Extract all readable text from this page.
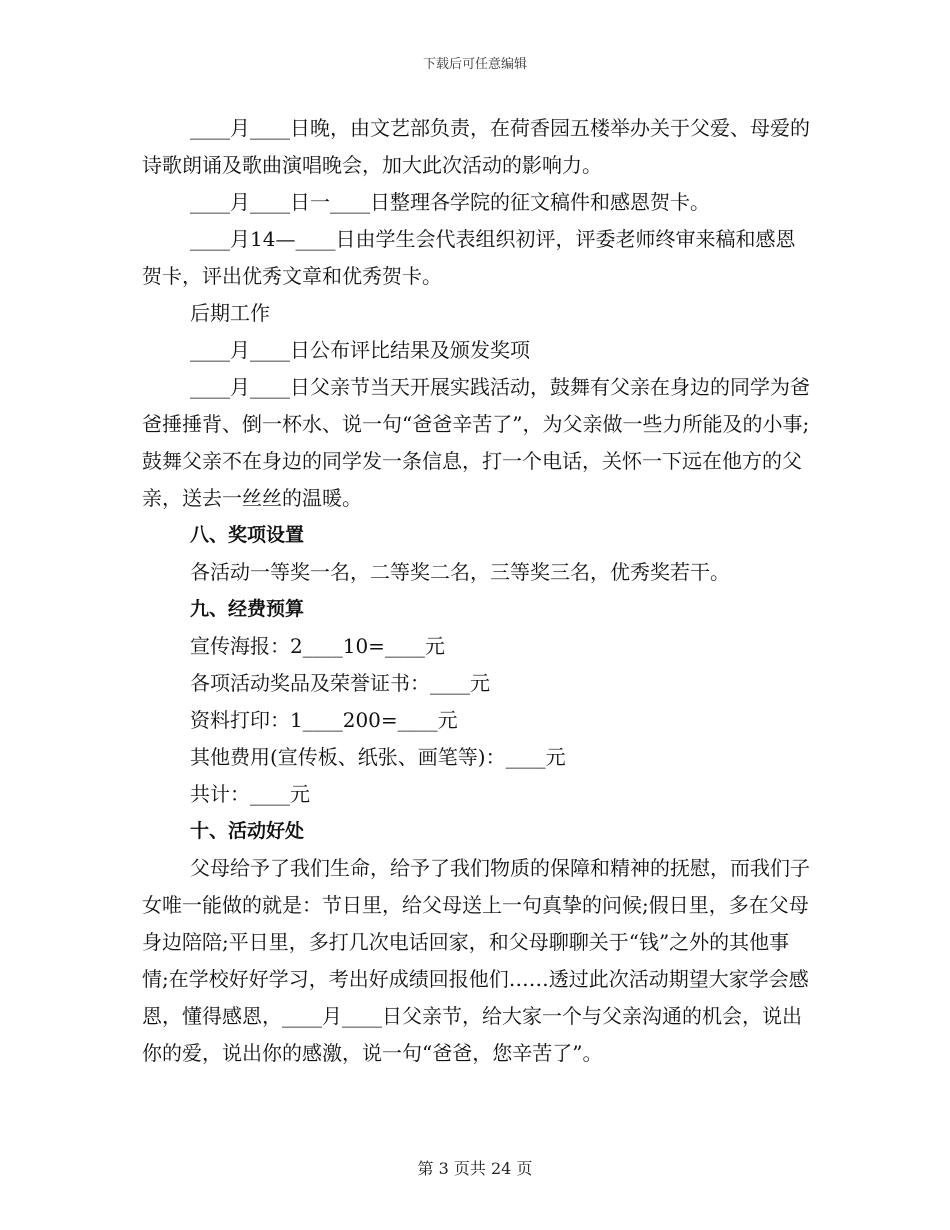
下载后可任意编辑

____月____日晚，由文艺部负责，在荷香园五楼举办关于父爱、母爱的诗歌朗诵及歌曲演唱晚会，加大此次活动的影响力。

____月____日一____日整理各学院的征文稿件和感恩贺卡。

____月14—____日由学生会代表组织初评，评委老师终审来稿和感恩贺卡，评出优秀文章和优秀贺卡。

后期工作

____月____日公布评比结果及颁发奖项

____月____日父亲节当天开展实践活动，鼓舞有父亲在身边的同学为爸爸捶捶背、倒一杯水、说一句“爸爸辛苦了”，为父亲做一些力所能及的小事;鼓舞父亲不在身边的同学发一条信息，打一个电话，关怀一下远在他方的父亲，送去一丝丝的温暖。

八、奖项设置

各活动一等奖一名，二等奖二名，三等奖三名，优秀奖若干。

九、经费预算

宣传海报：2____10=____元

各项活动奖品及荣誉证书：____元

资料打印：1____200=____元

其他费用(宣传板、纸张、画笔等)：____元

共计：____元

十、活动好处

父母给予了我们生命，给予了我们物质的保障和精神的抚慰，而我们子女唯一能做的就是：节日里，给父母送上一句真挚的问候;假日里，多在父母身边陪陪;平日里，多打几次电话回家，和父母聊聊关于“钱”之外的其他事情;在学校好好学习，考出好成绩回报他们……透过此次活动期望大家学会感恩，懂得感恩，____月____日父亲节，给大家一个与父亲沟通的机会，说出你的爱，说出你的感激，说一句“爸爸，您辛苦了”。

第 3 页共 24 页
